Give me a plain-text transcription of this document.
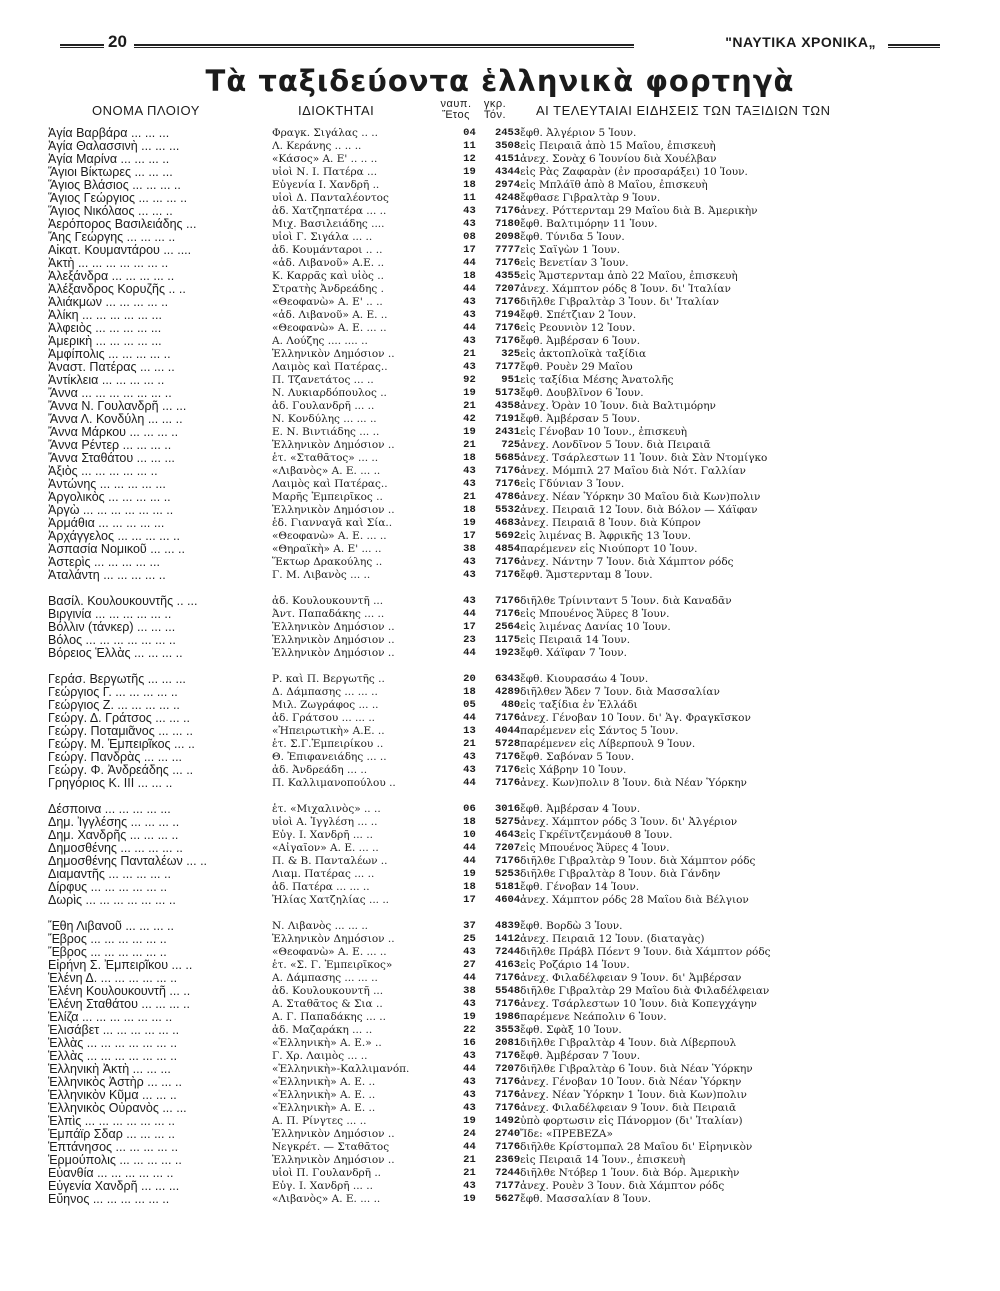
20	"ΝΑΥΤΙΚΑ ΧΡΟΝΙΚΑ„
Τὰ ταξιδεύοντα ἑλληνικὰ φορτηγὰ
ΟΝΟΜΑ ΠΛΟΙΟΥ	ΙΔΙΟΚΤΗΤΑΙ	ναυπ.
Ἔτος
γκρ.
Τόν.	ΑΙ ΤΕΛΕΥΤΑΙΑΙ ΕΙΔΗΣΕΙΣ ΤΩΝ ΤΑΞΙΔΙΩΝ ΤΩΝ
Ἁγία Βαρβάρα ... ... ...	Φραγκ. Σιγάλας .. ..	04	2453	ἔφθ. Ἀλγέριον 5 Ἰουν.
Ἁγία Θαλασσινὴ ... ... ...	Λ. Κεράνης .. .. ..	11	3508	εἰς Πειραιᾶ ἀπὸ 15 Μαΐου, ἐπισκευὴ
Ἁγία Μαρίνα ... ... ... ..	«Κάσος» Α. Ε' .. .. ..	12	4151	ἀνεχ. Σονὰχ 6 Ἰουνίου διὰ Χουέλβαν
Ἅγιοι Βίκτωρες ... ... ...	υἱοὶ Ν. Ι. Πατέρα ...	19	4344	εἰς Ρὰς Ζαφαρὰν (ἐν προσαράξει) 10 Ἰουν.
Ἅγιος Βλάσιος ... ... ... ..	Εὐγενία Ι. Χανδρῆ ..	18	2974	εἰς Μπλάϊθ ἀπὸ 8 Μαΐου, ἐπισκευὴ
Ἅγιος Γεώργιος ... ... ... ..	υἱοὶ Δ. Πανταλέοντος	11	4248	ἔφθασε Γιβραλτὰρ 9 Ἰουν.
Ἅγιος Νικόλαος ... ... ..	ἀδ. Χατζηπατέρα ... ..	43	7176	ἀνεχ. Ρόττερνταμ 29 Μαΐου διὰ Β. Ἀμερικὴν
Ἀερόπορος Βασιλειάδης ...	Μιχ. Βασιλειάδης ....	43	7180	ἔφθ. Βαλτιμόρην 11 Ἰουν.
Ἄης Γεώργης ... ... ... ..	υἱοὶ Γ. Σιγάλα ... ..	08	2098	ἔφθ. Τύνιδα 5 Ἰουν.
Αἰκατ. Κουμαντάρου ... ....	ἀδ. Κουμάνταροι .. ..	17	7777	εἰς Σαϊγὼν 1 Ἰουν.
Ἀκτὴ ... ... ... ... ... ... ..	«ἀδ. Λιβανοῦ» Α.Ε. ..	44	7176	εἰς Βενετίαν 3 Ἰουν.
Ἀλεξάνδρα ... ... ... ... ..	Κ. Καρρᾶς καὶ υἱὸς ..	18	4355	εἰς Ἄμστερνταμ ἀπὸ 22 Μαΐου, ἐπισκευὴ
Ἀλέξανδρος Κορυζῆς .. ..	Στρατὴς Ἀνδρεάδης .	44	7207	ἀνεχ. Χάμπτον ρόδς 8 Ἰουν. δι' Ἰταλίαν
Ἀλιάκμων ... ... ... ... ..	«Θεοφανὼ» Α. Ε' .. ..	43	7176	διῆλθε Γιβραλτὰρ 3 Ἰουν. δι' Ἰταλίαν
Ἀλίκη ... ... ... ... ... ...	«ἀδ. Λιβανοῦ» Α. Ε. ..	43	7194	ἔφθ. Σπέτζιαν 2 Ἰουν.
Ἀλφειὸς ... ... ... ... ...	«Θεοφανὼ» Α. Ε. ... ..	44	7176	εἰς Ρεουνιὸν 12 Ἰουν.
Ἀμερικὴ ... ... ... ... ...	Α. Λούζης .... .... ..	43	7176	ἔφθ. Ἀμβέρσαν 6 Ἰουν.
Ἀμφίπολις ... ... ... ... ..	Ἑλληνικὸν Δημόσιον ..	21	325	εἰς ἀκτοπλοϊκὰ ταξίδια
Ἀναστ. Πατέρας ... ... ..	Λαιμὸς καὶ Πατέρας..	43	7177	ἔφθ. Ρουὲν 29 Μαΐου
Ἀντίκλεια ... ... ... ... ..	Π. Τζανετάτος ... ..	92	951	εἰς ταξίδια Μέσης Ἀνατολῆς
Ἄννα ... ... ... ... ... ... ..	Ν. Λυκιαρδόπουλος ..	19	5173	ἔφθ. Δουβλῖνον 6 Ἰουν.
Ἄννα Ν. Γουλανδρῆ ... ...	ἀδ. Γουλανδρῆ ... ..	21	4358	ἀνεχ. Ὀρὰν 10 Ἰουν. διὰ Βαλτιμόρην
Ἄννα Λ. Κονδύλη ... ... ..	Ν. Κονδύλης ... ... ..	42	7191	ἔφθ. Ἀμβέρσαν 5 Ἰουν.
Ἄννα Μάρκου ... ... ... ..	Ε. Ν. Βιντιάδης ... ..	19	2431	εἰς Γένοβαν 10 Ἰουν., ἐπισκευὴ
Ἄννα Ρέντερ ... ... ... ..	Ἑλληνικὸν Δημόσιον ..	21	725	ἀνεχ. Λονδῖνον 5 Ἰουν. διὰ Πειραιᾶ
Ἄννα Σταθάτου ... ... ...	ἑτ. «Σταθᾶτος» ... ..	18	5685	ἀνεχ. Τσάρλεστων 11 Ἰουν. διὰ Σὰν Ντομίγκο
Ἀξιὸς ... ... ... ... ... ..	«Λιβανὸς» Α. Ε. ... ..	43	7176	ἀνεχ. Μόμπιλ 27 Μαΐου διὰ Νότ. Γαλλίαν
Ἀντώνης ... ... ... ... ...	Λαιμὸς καὶ Πατέρας..	43	7176	εἰς Γδύνιαν 3 Ἰουν.
Ἀργολικὸς ... ... ... ... ..	Μαρῆς Ἐμπειρῖκος ..	21	4786	ἀνεχ. Νέαν Ὑόρκην 30 Μαΐου διὰ Κων)πολιν
Ἀργὼ ... ... ... ... ... ... ..	Ἑλληνικὸν Δημόσιον ..	18	5532	ἀνεχ. Πειραιᾶ 12 Ἰουν. διὰ Βόλον — Χάϊφαν
Ἀρμάθια ... ... ... ... ...	ἑδ. Γιανναγᾶ καὶ Σία..	19	4683	ἀνεχ. Πειραιᾶ 8 Ἰουν. διὰ Κύπρον
Ἀρχάγγελος ... ... ... ... ..	«Θεοφανὼ» Α. Ε. ... ..	17	5692	εἰς λιμένας Β. Ἀφρικῆς 13 Ἰουν.
Ἀσπασία Νομικοῦ ... ... ..	«Θηραϊκὴ» Α. Ε' ... ..	38	4854	παρέμενεν εἰς Νιούπορτ 10 Ἰουν.
Ἀστερὶς ... ... ... ... ...	Ἕκτωρ Δρακούλης ..	43	7176	ἀνεχ. Νάντην 7 Ἰουν. διὰ Χάμπτον ρόδς
Ἀταλάντη ... ... ... ... ..	Γ. Μ. Λιβανὸς ... ..	43	7176	ἔφθ. Ἄμστερνταμ 8 Ἰουν.

Βασίλ. Κουλουκουντῆς .. ...	ἀδ. Κουλουκουντῆ ...	43	7176	διῆλθε Τρίνινταντ 5 Ἰουν. διὰ Καναδᾶν
Βιργινία ... ... ... ... ... ..	Ἀντ. Παπαδάκης ... ..	44	7176	εἰς Μπουένος Ἄϋρες 8 Ἰουν.
Βόλλιν (τάνκερ) ... ... ...	Ἑλληνικὸν Δημόσιον ..	17	2564	εἰς λιμένας Δανίας 10 Ἰουν.
Βόλος ... ... ... ... ... ... ..	Ἑλληνικὸν Δημόσιον ..	23	1175	εἰς Πειραιᾶ 14 Ἰουν.
Βόρειος Ἑλλὰς ... ... ... ..	Ἑλληνικὸν Δημόσιον ..	44	1923	ἔφθ. Χάϊφαν 7 Ἰουν.

Γεράσ. Βεργωτῆς ... ... ...	Ρ. καὶ Π. Βεργωτῆς ..	20	6343	ἔφθ. Κιουρασάω 4 Ἰουν.
Γεώργιος Γ. ... ... ... ... ..	Δ. Δάμπασης ... ... ..	18	4289	διῆλθεν Ἄδεν 7 Ἰουν. διὰ Μασσαλίαν
Γεώργιος Ζ. ... ... ... ... ..	Μιλ. Ζωγράφος ... ..	05	480	εἰς ταξίδια ἐν Ἑλλάδι
Γεώργ. Δ. Γράτσος ... ... ..	ἀδ. Γράτσου ... ... ..	44	7176	ἀνεχ. Γένοβαν 10 Ἰουν. δι' Ἁγ. Φραγκῖσκον
Γεώργ. Ποταμιᾶνος ... ... ..	«Ἠπειρωτικὴ» Α.Ε. ..	13	4044	παρέμενεν εἰς Σάντος 5 Ἰουν.
Γεώργ. Μ. Ἐμπειρῖκος ... ..	ἑτ. Σ.Γ.Ἐμπειρίκου ..	21	5728	παρέμενεν εἰς Λίβερπουλ 9 Ἰουν.
Γεώργ. Πανδρὰς ... ... ...	Θ. Ἐπιφανειάδης ... ..	43	7176	ἔφθ. Σαβόναν 5 Ἰουν.
Γεώργ. Φ. Ἀνδρεάδης ... ..	ἀδ. Ἀνδρεάδη ... ..	43	7176	εἰς Χάβρην 10 Ἰουν.
Γρηγόριος Κ. ΙΙΙ ... ... ..	Π. Καλλιμανοπούλου ..	44	7176	ἀνεχ. Κων)πολιν 8 Ἰουν. διὰ Νέαν Ὑόρκην

Δέσποινα ... ... ... ... ...	ἑτ. «Μιχαλινὸς» .. ..	06	3016	ἔφθ. Ἀμβέρσαν 4 Ἰουν.
Δημ. Ἰγγλέσης ... ... ... ..	υἱοὶ Α. Ἰγγλέση ... ..	18	5275	ἀνεχ. Χάμπτον ρόδς 3 Ἰουν. δι' Ἀλγέριον
Δημ. Χανδρῆς ... ... ... ..	Εὐγ. Ι. Χανδρῆ ... ..	10	4643	εἰς Γκρέϊντζενμάουθ 8 Ἰουν.
Δημοσθένης ... ... ... ... ..	«Αἰγαῖον» Α. Ε. ... ..	44	7207	εἰς Μπουένος Ἄϋρες 4 Ἰουν.
Δημοσθένης Πανταλέων ... ..	Π. & Β. Πανταλέων ..	44	7176	διῆλθε Γιβραλτὰρ 9 Ἰουν. διὰ Χάμπτον ρόδς
Διαμαντῆς ... ... ... ... ..	Λιαμ. Πατέρας ... ..	19	5253	διῆλθε Γιβραλτὰρ 8 Ἰουν. διὰ Γάνδην
Δίρφυς ... ... ... ... ... ..	ἀδ. Πατέρα ... ... ..	18	5181	ἔφθ. Γένοβαν 14 Ἰουν.
Δωρὶς ... ... ... ... ... ... ..	Ἠλίας Χατζηλίας ... ..	17	4604	ἀνεχ. Χάμπτον ρόδς 28 Μαΐου διὰ Βέλγιον

Ἔθη Λιβανοῦ ... ... ... ..	Ν. Λιβανὸς ... ... ..	37	4839	ἔφθ. Βορδὼ 3 Ἰουν.
Ἔβρος ... ... ... ... ... ..	Ἑλληνικὸν Δημόσιον ..	25	1412	ἀνεχ. Πειραιᾶ 12 Ἰουν. (διαταγὰς)
Ἔβρος ... ... ... ... ... ..	«Θεοφανὼ» Α. Ε. ... ..	43	7244	διῆλθε Πράβλ Πόεντ 9 Ἰουν. διὰ Χάμπτον ρόδς
Εἰρήνη Σ. Ἐμπειρῖκου ... ..	ἑτ. «Σ. Γ. Ἐμπειρῖκος»	27	4163	εἰς Ροζάριο 14 Ἰουν.
Ἑλένη Δ. ... ... ... ... ... ..	Α. Δάμπασης ... ... ..	44	7176	ἀνεχ. Φιλαδέλφειαν 9 Ἰουν. δι' Ἀμβέρσαν
Ἑλένη Κουλουκουντῆ ... ..	ἀδ. Κουλουκουντῆ ...	38	5548	διῆλθε Γιβραλτὰρ 29 Μαΐου διὰ Φιλαδέλφειαν
Ἑλένη Σταθάτου ... ... ... ..	Α. Σταθᾶτος & Σια ..	43	7176	ἀνεχ. Τσάρλεστων 10 Ἰουν. διὰ Κοπεγχάγην
Ἑλίζα ... ... ... ... ... ... ..	Α. Γ. Παπαδάκης ... ..	19	1986	παρέμενε Νεάπολιν 6 Ἰουν.
Ἐλισάβετ ... ... ... ... ... ..	ἀδ. Μαζαράκη ... ..	22	3553	ἔφθ. Σφὰξ 10 Ἰουν.
Ἑλλὰς ... ... ... ... ... ... ..	«Ἑλληνικὴ» Α. Ε.» ..	16	2081	διῆλθε Γιβραλτὰρ 4 Ἰουν. διὰ Λίβερπουλ
Ἑλλὰς ... ... ... ... ... ... ..	Γ. Χρ. Λαιμὸς ... ..	43	7176	ἔφθ. Ἀμβέρσαν 7 Ἰουν.
Ἑλληνικὴ Ἀκτὴ ... ... ...	«Ἑλληνικὴ»-Καλλιμανόπ.	44	7207	διῆλθε Γιβραλτὰρ 6 Ἰουν. διὰ Νέαν Ὑόρκην
Ἑλληνικὸς Ἀστὴρ ... ... ..	«Ἑλληνικὴ» Α. Ε. ..	43	7176	ἀνεχ. Γένοβαν 10 Ἰουν. διὰ Νέαν Ὑόρκην
Ἑλληνικὸν Κῦμα ... ... ..	«Ἑλληνικὴ» Α. Ε. ..	43	7176	ἀνεχ. Νέαν Ὑόρκην 1 Ἰουν. διὰ Κων)πολιν
Ἑλληνικὸς Οὐρανὸς ... ...	«Ἑλληνικὴ» Α. Ε. ..	43	7176	ἀνεχ. Φιλαδέλφειαν 9 Ἰουν. διὰ Πειραιᾶ
Ἑλπὶς ... ... ... ... ... ... ..	Α. Π. Ρίνγτες ... ..	19	1492	ὑπὸ φορτωσιν εἰς Πάνορμον (δι' Ἰταλίαν)
Ἐμπάϊρ Σδαρ ... ... ... ..	Ἑλληνικὸν Δημόσιον ..	24	2740	Ἴδε: «ΠΡΕΒΕΖΑ»
Ἑπτάνησος ... ... ... ... ..	Νεγκρέτ. — Σταθᾶτος	44	7176	διῆλθε Κρίστομπαλ 28 Μαΐου δι' Εἰρηνικὸν
Ἑρμούπολις ... ... ... ... ..	Ἑλληνικὸν Δημόσιον ..	21	2369	εἰς Πειραιᾶ 14 Ἰουν., ἐπισκευὴ
Εὐανθία ... ... ... ... ... ..	υἱοὶ Π. Γουλανδρῆ ..	21	7244	διῆλθε Ντόβερ 1 Ἰουν. διὰ Βόρ. Ἀμερικὴν
Εὐγενία Χανδρῆ ... ... ...	Εὐγ. Ι. Χανδρῆ ... ..	43	7177	ἀνεχ. Ρουὲν 3 Ἰουν. διὰ Χάμπτον ρόδς
Εὔηνος ... ... ... ... ... ..	«Λιβανὸς» Α. Ε. ... ..	19	5627	ἔφθ. Μασσαλίαν 8 Ἰουν.
